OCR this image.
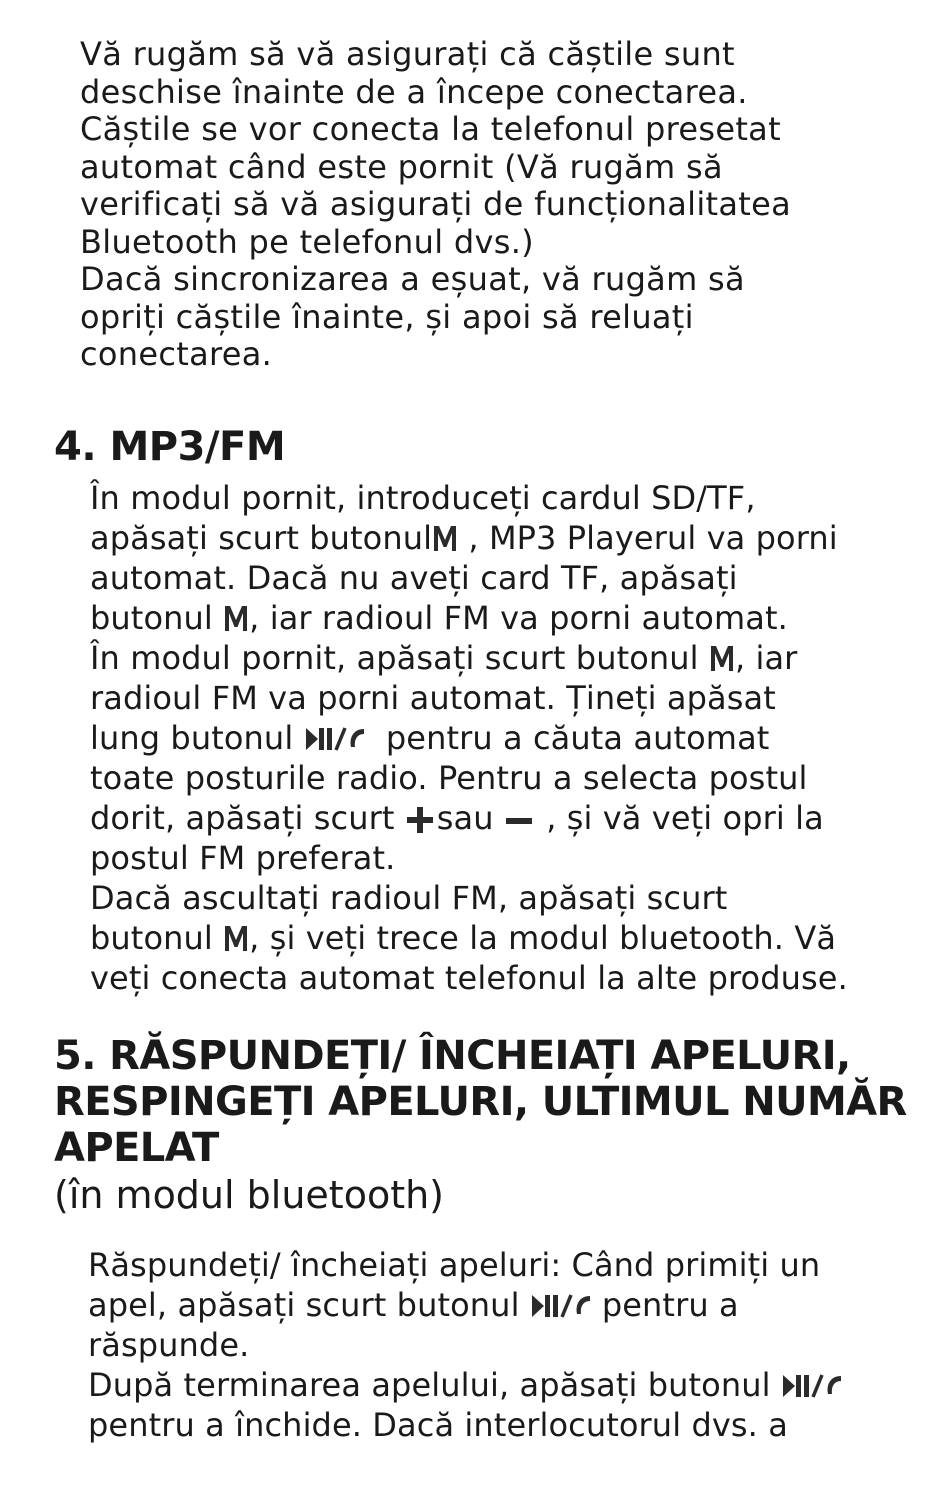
Vă rugăm să vă asigurați că căștile sunt
deschise înainte de a începe conectarea.
Căștile se vor conecta la telefonul presetat
automat când este pornit (Vă rugăm să
verificați să vă asigurați de funcționalitatea
Bluetooth pe telefonul dvs.)
Dacă sincronizarea a eșuat, vă rugăm să
opriți căștile înainte, și apoi să reluați
conectarea.
4. MP3/FM
În modul pornit, introduceți cardul SD/TF,
apăsați scurt butonul
, MP3 Playerul va porni
automat. Dacă nu aveți card TF, apăsați
butonul
, iar radioul FM va porni automat.
În modul pornit, apăsați scurt butonul
, iar
radioul FM va porni automat. Țineți apăsat
lung butonul
pentru a căuta automat
toate posturile radio. Pentru a selecta postul
dorit, apăsați scurt
sau
, și vă veți opri la
postul FM preferat.
Dacă ascultați radioul FM, apăsați scurt
butonul
, și veți trece la modul bluetooth. Vă
veți conecta automat telefonul la alte produse.
5. RĂSPUNDEȚI/ ÎNCHEIAȚI APELURI,
RESPINGEȚI APELURI, ULTIMUL NUMĂR
APELAT
(în modul bluetooth)
Răspundeți/ încheiați apeluri: Când primiți un
apel, apăsați scurt butonul
pentru a
răspunde.
După terminarea apelului, apăsați butonul
pentru a închide. Dacă interlocutorul dvs. a
